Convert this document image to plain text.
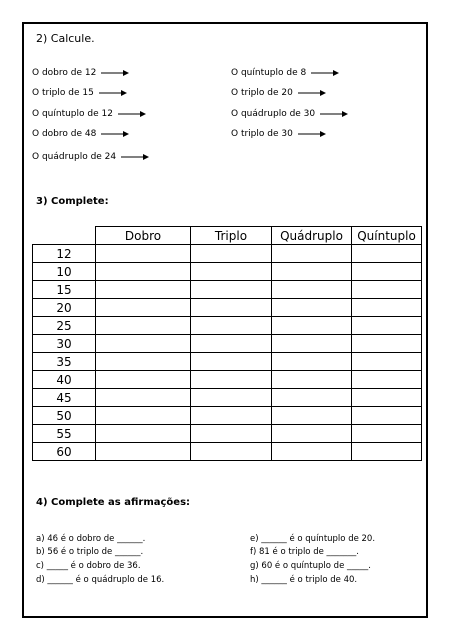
2) Calcule.
O dobro de 12
O triplo de 15
O quíntuplo de 12
O dobro de 48
O quádruplo de 24
O quíntuplo de 8
O triplo de 20
O quádruplo de 30
O triplo de 30
3) Complete:
	Dobro	Triplo	Quádruplo	Quíntuplo
12				
10				
15				
20				
25				
30				
35				
40				
45				
50				
55				
60				
4) Complete as afirmações:
a) 46 é o dobro de ______.
b) 56 é o triplo de ______.
c) _____ é o dobro de 36.
d) ______ é o quádruplo de 16.
e) ______ é o quíntuplo de 20.
f) 81 é o triplo de _______.
g) 60 é o quíntuplo de _____.
h) ______ é o triplo de 40.
